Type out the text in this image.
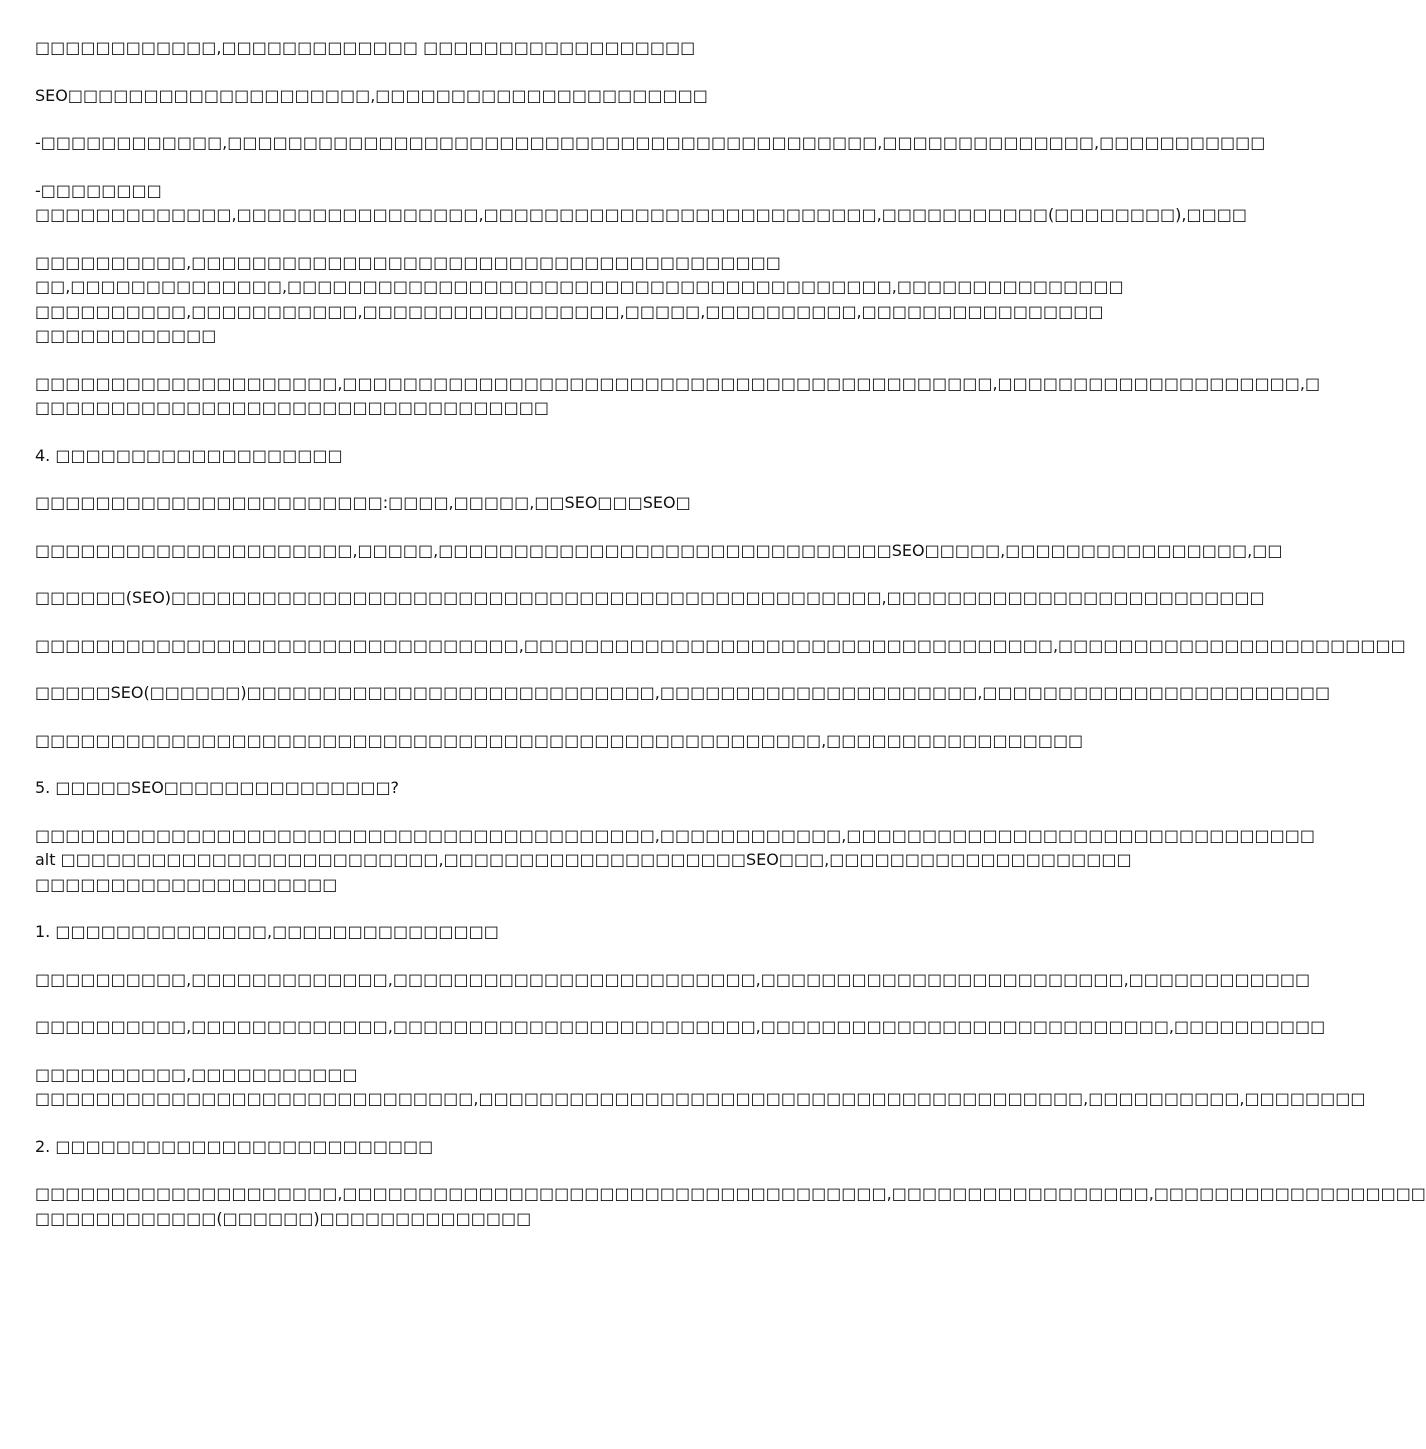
□□□□□□□□□□□□,□□□□□□□□□□□□□ □□□□□□□□□□□□□□□□□□
SEO□□□□□□□□□□□□□□□□□□□□,□□□□□□□□□□□□□□□□□□□□□□
-□□□□□□□□□□□□,□□□□□□□□□□□□□□□□□□□□□□□□□□□□□□□□□□□□□□□□□□□,□□□□□□□□□□□□□□,□□□□□□□□□□□
-□□□□□□□□
□□□□□□□□□□□□□,□□□□□□□□□□□□□□□□,□□□□□□□□□□□□□□□□□□□□□□□□□□,□□□□□□□□□□□(□□□□□□□□),□□□□
□□□□□□□□□□,□□□□□□□□□□□□□□□□□□□□□□□□□□□□□□□□□□□□□□□
□□,□□□□□□□□□□□□□□,□□□□□□□□□□□□□□□□□□□□□□□□□□□□□□□□□□□□□□□□,□□□□□□□□□□□□□□□
□□□□□□□□□□,□□□□□□□□□□□,□□□□□□□□□□□□□□□□□,□□□□□,□□□□□□□□□□,□□□□□□□□□□□□□□□□
□□□□□□□□□□□□
□□□□□□□□□□□□□□□□□□□□,□□□□□□□□□□□□□□□□□□□□□□□□□□□□□□□□□□□□□□□□□□□,□□□□□□□□□□□□□□□□□□□□,□
□□□□□□□□□□□□□□□□□□□□□□□□□□□□□□□□□□
4. □□□□□□□□□□□□□□□□□□□
□□□□□□□□□□□□□□□□□□□□□□□:□□□□,□□□□□,□□SEO□□□SEO□
□□□□□□□□□□□□□□□□□□□□□,□□□□□,□□□□□□□□□□□□□□□□□□□□□□□□□□□□□□SEO□□□□□,□□□□□□□□□□□□□□□□,□□
□□□□□□(SEO)□□□□□□□□□□□□□□□□□□□□□□□□□□□□□□□□□□□□□□□□□□□□□□□,□□□□□□□□□□□□□□□□□□□□□□□□□
□□□□□□□□□□□□□□□□□□□□□□□□□□□□□□□□,□□□□□□□□□□□□□□□□□□□□□□□□□□□□□□□□□□□,□□□□□□□□□□□□□□□□□□□□□□□
□□□□□SEO(□□□□□□)□□□□□□□□□□□□□□□□□□□□□□□□□□□,□□□□□□□□□□□□□□□□□□□□□,□□□□□□□□□□□□□□□□□□□□□□□
□□□□□□□□□□□□□□□□□□□□□□□□□□□□□□□□□□□□□□□□□□□□□□□□□□□□,□□□□□□□□□□□□□□□□□
5. □□□□□SEO□□□□□□□□□□□□□□□?
□□□□□□□□□□□□□□□□□□□□□□□□□□□□□□□□□□□□□□□□□,□□□□□□□□□□□□,□□□□□□□□□□□□□□□□□□□□□□□□□□□□□□□
alt □□□□□□□□□□□□□□□□□□□□□□□□□,□□□□□□□□□□□□□□□□□□□□SEO□□□,□□□□□□□□□□□□□□□□□□□□
□□□□□□□□□□□□□□□□□□□□
1. □□□□□□□□□□□□□□,□□□□□□□□□□□□□□□
□□□□□□□□□□,□□□□□□□□□□□□□,□□□□□□□□□□□□□□□□□□□□□□□□,□□□□□□□□□□□□□□□□□□□□□□□□,□□□□□□□□□□□□
□□□□□□□□□□,□□□□□□□□□□□□□,□□□□□□□□□□□□□□□□□□□□□□□□,□□□□□□□□□□□□□□□□□□□□□□□□□□□,□□□□□□□□□□
□□□□□□□□□□,□□□□□□□□□□□
□□□□□□□□□□□□□□□□□□□□□□□□□□□□□,□□□□□□□□□□□□□□□□□□□□□□□□□□□□□□□□□□□□□□□□,□□□□□□□□□□,□□□□□□□□
2. □□□□□□□□□□□□□□□□□□□□□□□□□
□□□□□□□□□□□□□□□□□□□□,□□□□□□□□□□□□□□□□□□□□□□□□□□□□□□□□□□□□,□□□□□□□□□□□□□□□□□,□□□□□□□□□□□□□□□□□□
□□□□□□□□□□□□(□□□□□□)□□□□□□□□□□□□□□
